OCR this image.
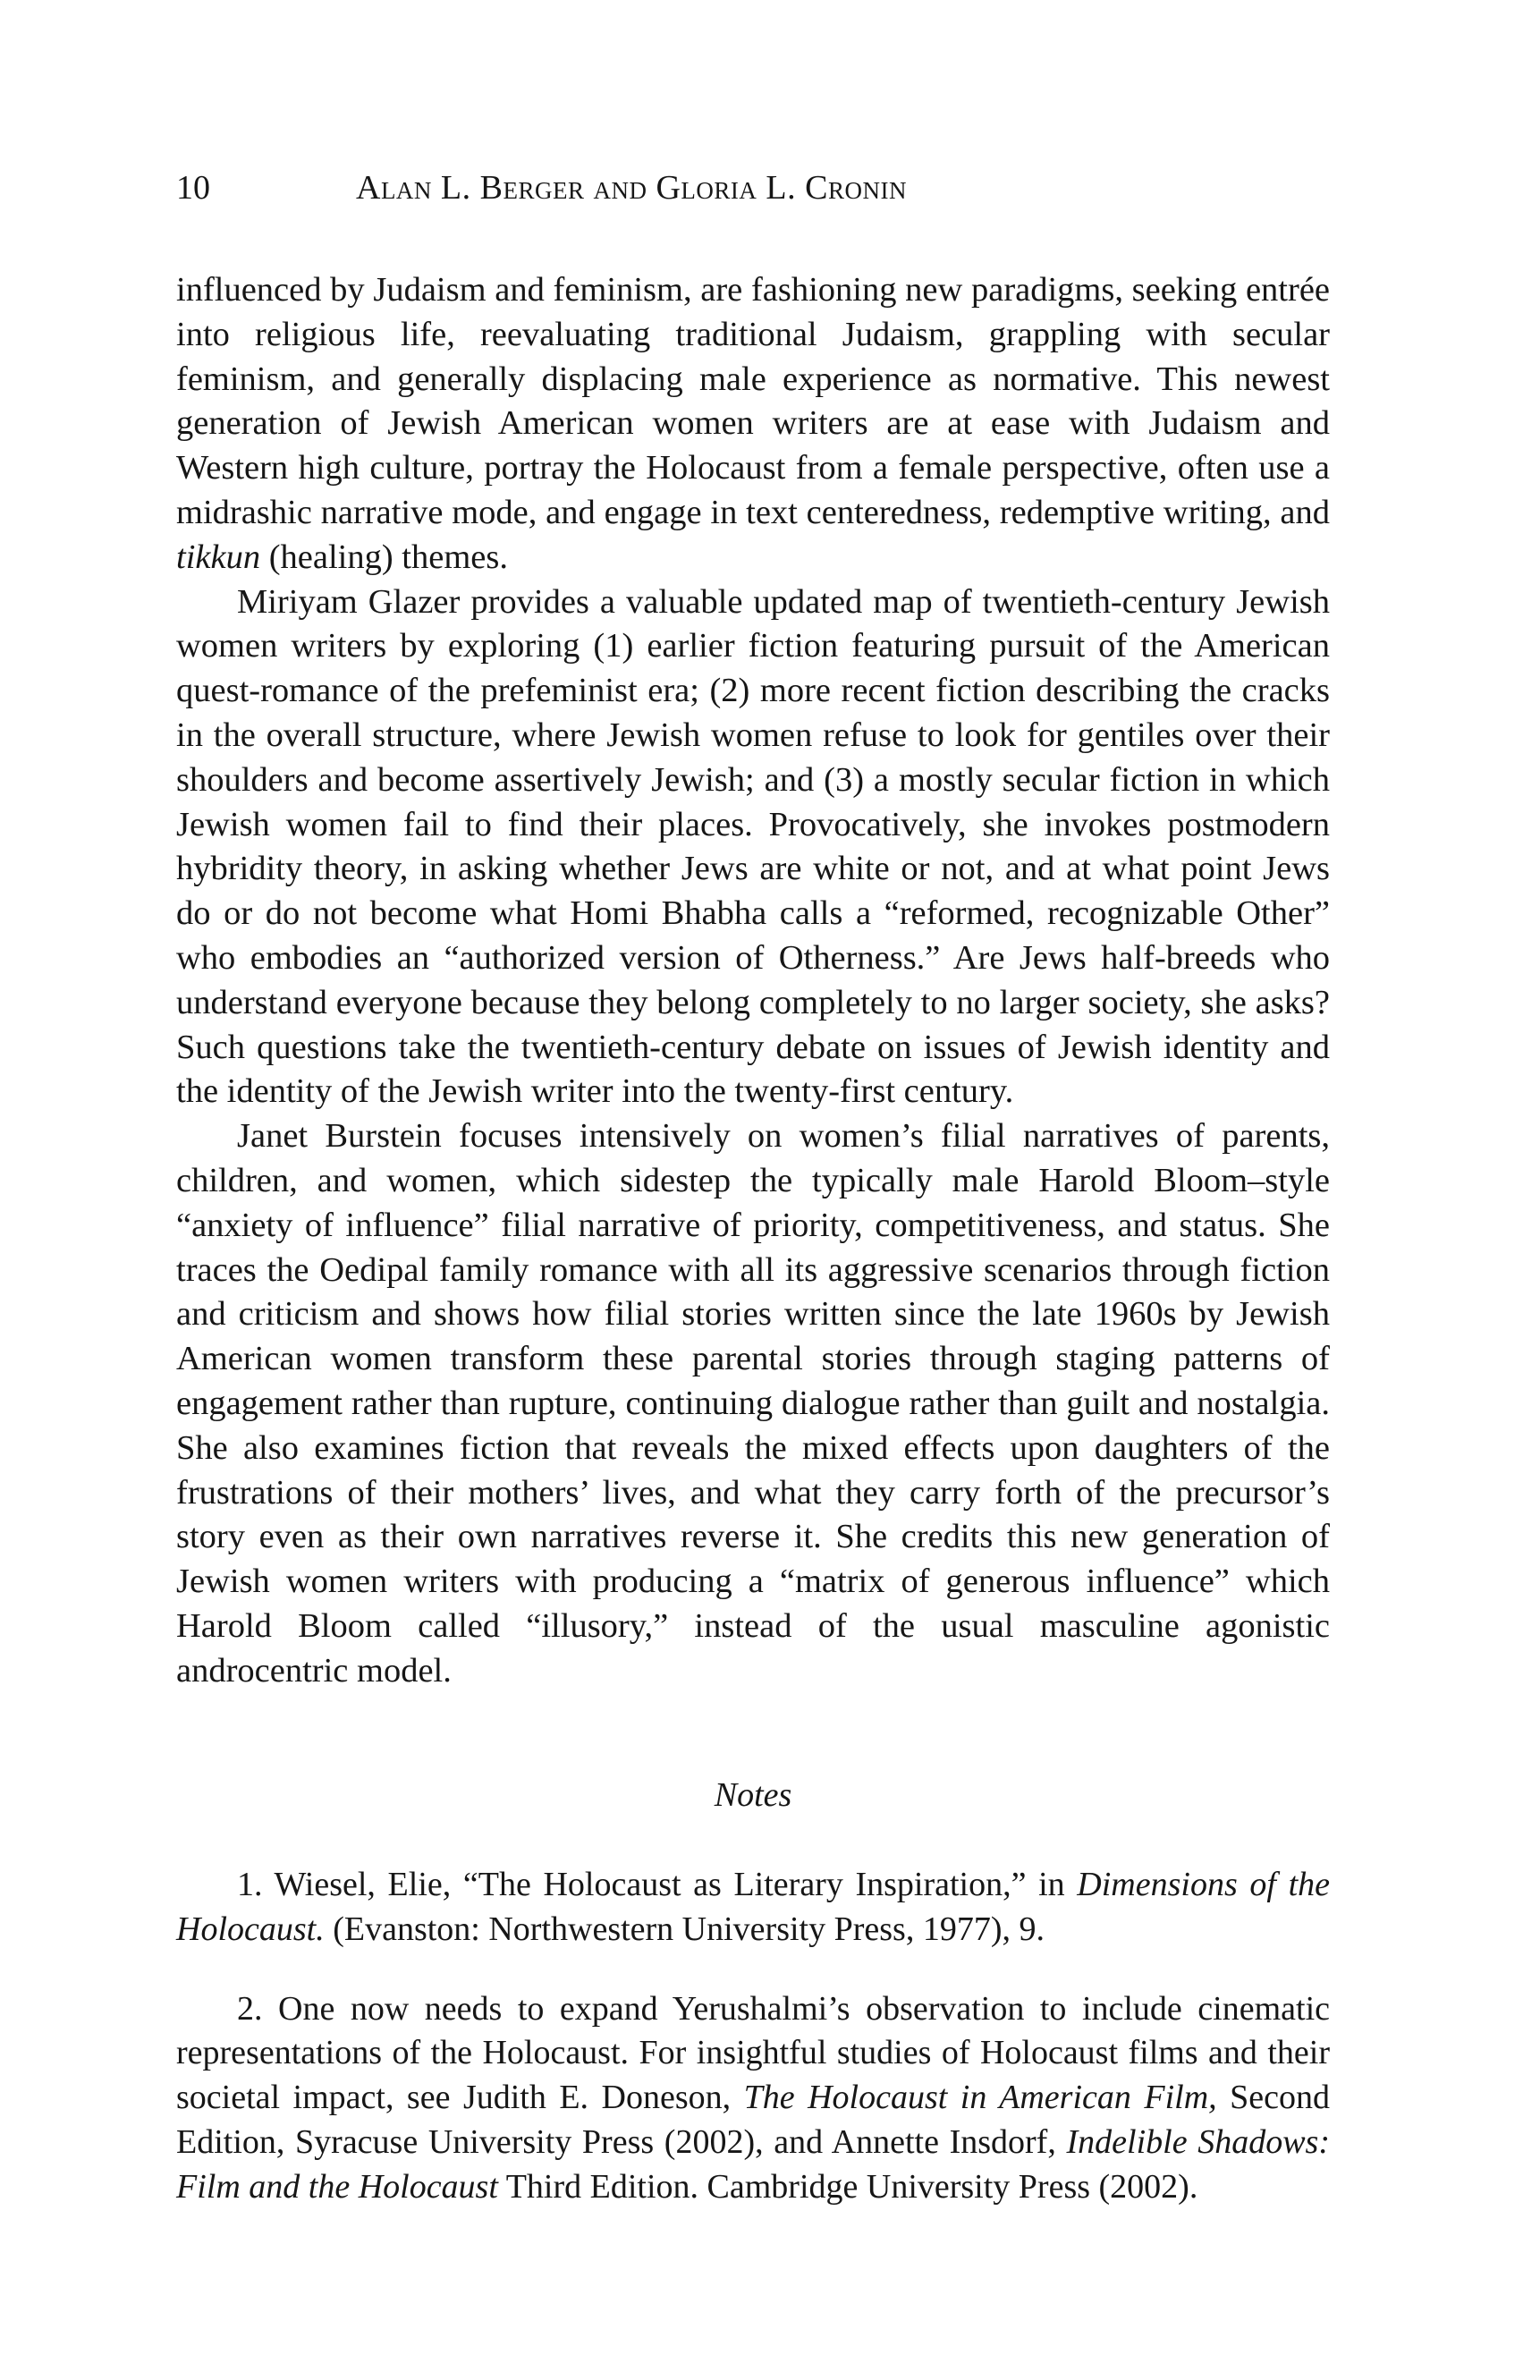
10	Alan L. Berger and Gloria L. Cronin

influenced by Judaism and feminism, are fashioning new paradigms, seeking entrée into religious life, reevaluating traditional Judaism, grappling with secular feminism, and generally displacing male experience as normative. This newest generation of Jewish American women writers are at ease with Judaism and Western high culture, portray the Holocaust from a female perspective, often use a midrashic narrative mode, and engage in text centeredness, redemptive writing, and tikkun (healing) themes.

Miriyam Glazer provides a valuable updated map of twentieth-century Jewish women writers by exploring (1) earlier fiction featuring pursuit of the American quest-romance of the prefeminist era; (2) more recent fiction describing the cracks in the overall structure, where Jewish women refuse to look for gentiles over their shoulders and become assertively Jewish; and (3) a mostly secular fiction in which Jewish women fail to find their places. Provocatively, she invokes postmodern hybridity theory, in asking whether Jews are white or not, and at what point Jews do or do not become what Homi Bhabha calls a “reformed, recognizable Other” who embodies an “authorized version of Otherness.” Are Jews half-breeds who understand everyone because they belong completely to no larger society, she asks? Such questions take the twentieth-century debate on issues of Jewish identity and the identity of the Jewish writer into the twenty-first century.

Janet Burstein focuses intensively on women’s filial narratives of parents, children, and women, which sidestep the typically male Harold Bloom–style “anxiety of influence” filial narrative of priority, competitiveness, and status. She traces the Oedipal family romance with all its aggressive scenarios through fiction and criticism and shows how filial stories written since the late 1960s by Jewish American women transform these parental stories through staging patterns of engagement rather than rupture, continuing dialogue rather than guilt and nostalgia. She also examines fiction that reveals the mixed effects upon daughters of the frustrations of their mothers’ lives, and what they carry forth of the precursor’s story even as their own narratives reverse it. She credits this new generation of Jewish women writers with producing a “matrix of generous influence” which Harold Bloom called “illusory,” instead of the usual masculine agonistic androcentric model.

Notes

1. Wiesel, Elie, “The Holocaust as Literary Inspiration,” in Dimensions of the Holocaust. (Evanston: Northwestern University Press, 1977), 9.

2. One now needs to expand Yerushalmi’s observation to include cinematic representations of the Holocaust. For insightful studies of Holocaust films and their societal impact, see Judith E. Doneson, The Holocaust in American Film, Second Edition, Syracuse University Press (2002), and Annette Insdorf, Indelible Shadows: Film and the Holocaust Third Edition. Cambridge University Press (2002).
